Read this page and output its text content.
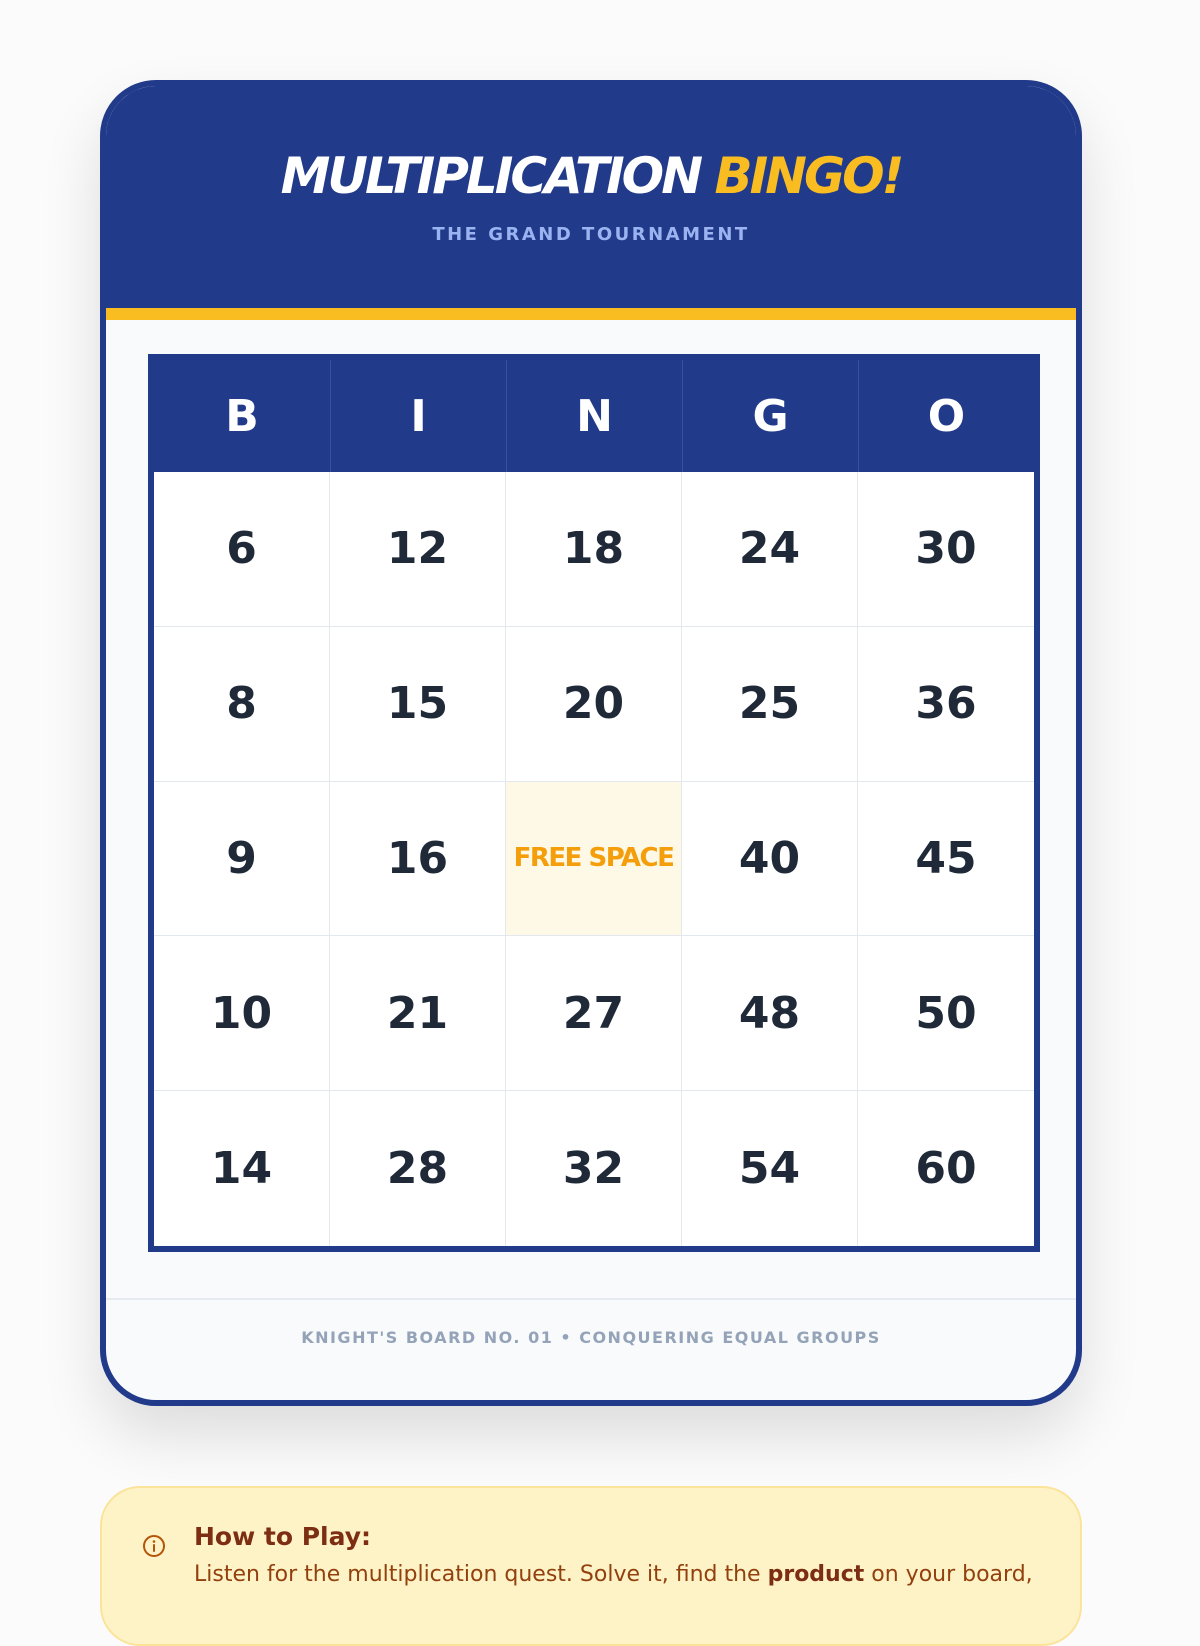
MULTIPLICATION BINGO!
THE GRAND TOURNAMENT
B	I	N	G	O
6	12	18	24	30
8	15	20	25	36
9	16	FREE SPACE	40	45
10	21	27	48	50
14	28	32	54	60
KNIGHT'S BOARD NO. 01 • CONQUERING EQUAL GROUPS
How to Play:
Listen for the multiplication quest. Solve it, find the product on your board,
